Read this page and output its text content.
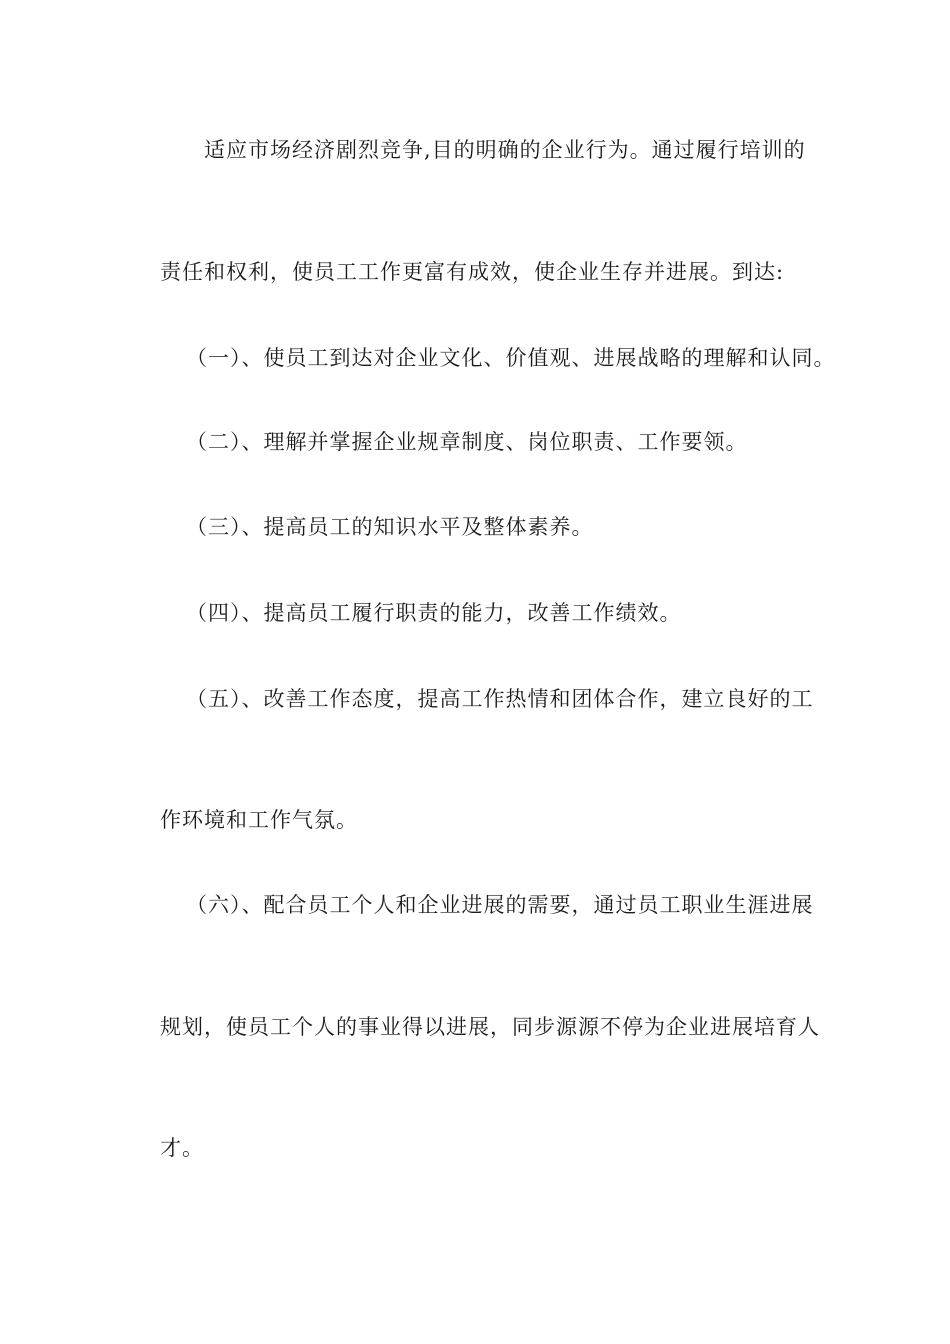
适应市场经济剧烈竞争,目的明确的企业行为。通过履行培训的
责任和权利，使员工工作更富有成效，使企业生存并进展。到达:
（一）、使员工到达对企业文化、价值观、进展战略的理解和认同。
（二）、理解并掌握企业规章制度、岗位职责、工作要领。
（三）、提高员工的知识水平及整体素养。
（四）、提高员工履行职责的能力，改善工作绩效。
（五）、改善工作态度，提高工作热情和团体合作，建立良好的工
作环境和工作气氛。
（六）、配合员工个人和企业进展的需要，通过员工职业生涯进展
规划，使员工个人的事业得以进展，同步源源不停为企业进展培育人
才。
